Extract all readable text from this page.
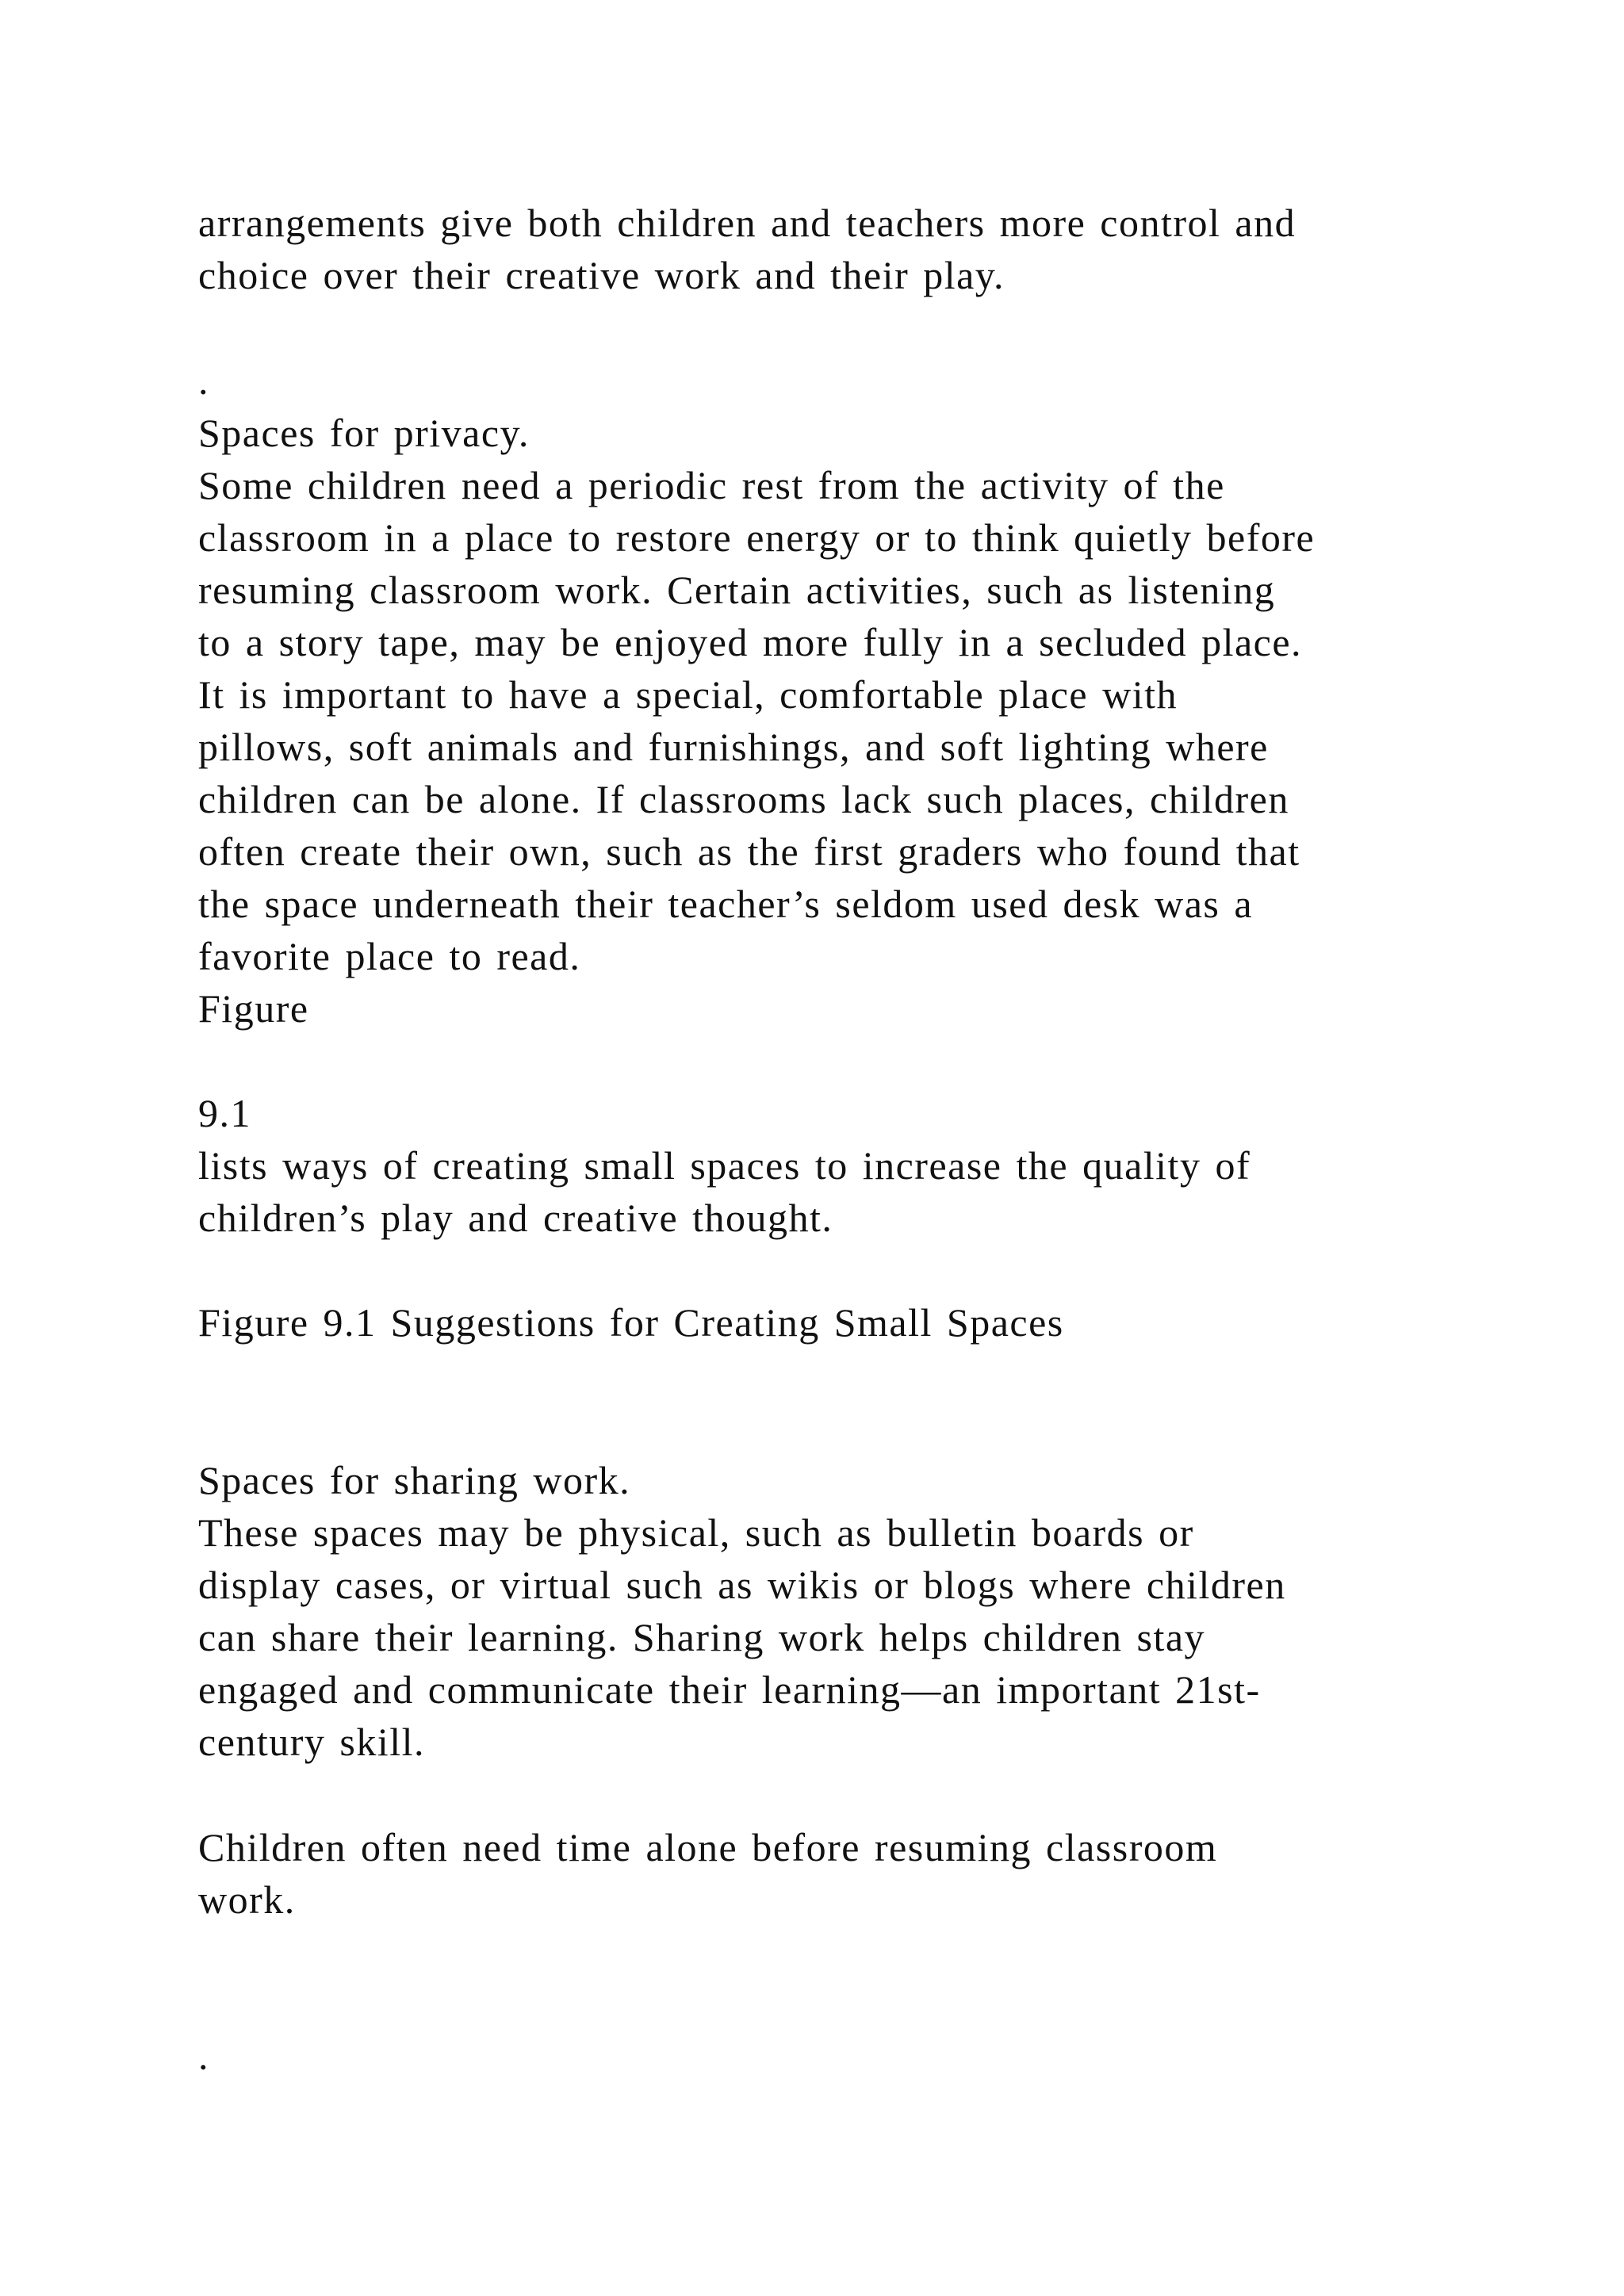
arrangements give both children and teachers more control and

choice over their creative work and their play.

.

Spaces for privacy.

Some children need a periodic rest from the activity of the

classroom in a place to restore energy or to think quietly before

resuming classroom work. Certain activities, such as listening

to a story tape, may be enjoyed more fully in a secluded place.

It is important to have a special, comfortable place with

pillows, soft animals and furnishings, and soft lighting where

children can be alone. If classrooms lack such places, children

often create their own, such as the first graders who found that

the space underneath their teacher’s seldom used desk was a

favorite place to read.

Figure

9.1

lists ways of creating small spaces to increase the quality of

children’s play and creative thought.

Figure 9.1 Suggestions for Creating Small Spaces

Spaces for sharing work.

These spaces may be physical, such as bulletin boards or

display cases, or virtual such as wikis or blogs where children

can share their learning. Sharing work helps children stay

engaged and communicate their learning—an important 21st-

century skill.

Children often need time alone before resuming classroom

work.

.
